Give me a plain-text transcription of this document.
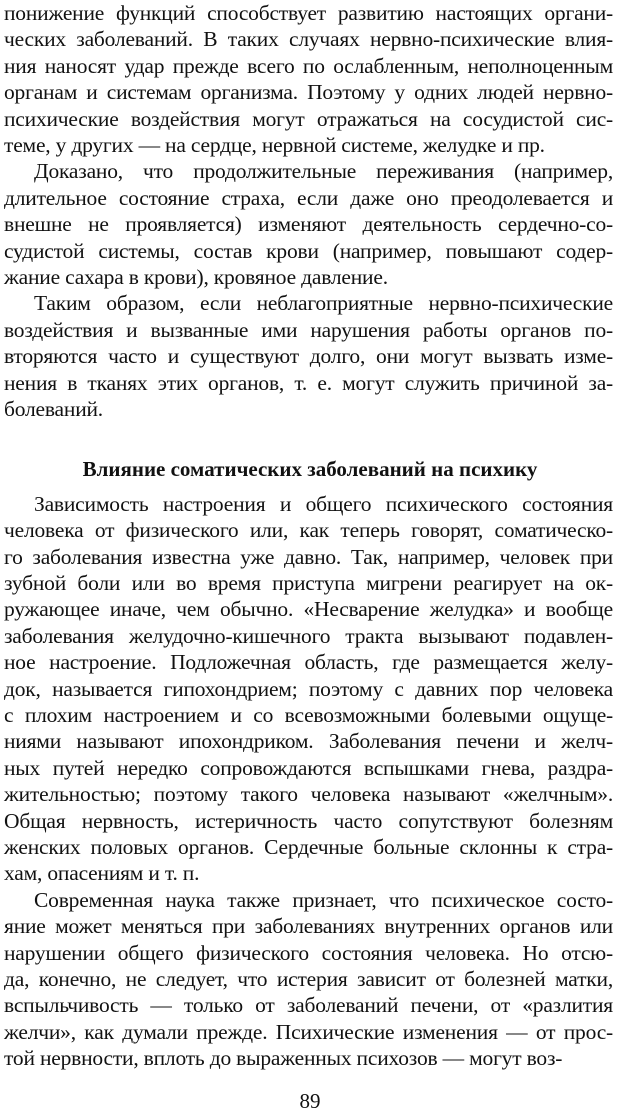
Влияние соматических заболеваний на психику
89
понижение функций способствует развитию настоящих органи-
ческих заболеваний. В таких случаях нервно-психические влия-
ния наносят удар прежде всего по ослабленным, неполноценным
органам и системам организма. Поэтому у одних людей нервно-
психические воздействия могут отражаться на сосудистой сис-
теме, у других — на сердце, нервной системе, желудке и пр.
Доказано, что продолжительные переживания (например,
длительное состояние страха, если даже оно преодолевается и
внешне не проявляется) изменяют деятельность сердечно-со-
судистой системы, состав крови (например, повышают содер-
жание сахара в крови), кровяное давление.
Таким образом, если неблагоприятные нервно-психические
воздействия и вызванные ими нарушения работы органов по-
вторяются часто и существуют долго, они могут вызвать изме-
нения в тканях этих органов, т. е. могут служить причиной за-
болеваний.
Зависимость настроения и общего психического состояния
человека от физического или, как теперь говорят, соматическо-
го заболевания известна уже давно. Так, например, человек при
зубной боли или во время приступа мигрени реагирует на ок-
ружающее иначе, чем обычно. «Несварение желудка» и вообще
заболевания желудочно-кишечного тракта вызывают подавлен-
ное настроение. Подложечная область, где размещается желу-
док, называется гипохондрием; поэтому с давних пор человека
с плохим настроением и со всевозможными болевыми ощуще-
ниями называют ипохондриком. Заболевания печени и желч-
ных путей нередко сопровождаются вспышками гнева, раздра-
жительностью; поэтому такого человека называют «желчным».
Общая нервность, истеричность часто сопутствуют болезням
женских половых органов. Сердечные больные склонны к стра-
хам, опасениям и т. п.
Современная наука также признает, что психическое состо-
яние может меняться при заболеваниях внутренних органов или
нарушении общего физического состояния человека. Но отсю-
да, конечно, не следует, что истерия зависит от болезней матки,
вспыльчивость — только от заболеваний печени, от «разлития
желчи», как думали прежде. Психические изменения — от прос-
той нервности, вплоть до выраженных психозов — могут воз-
